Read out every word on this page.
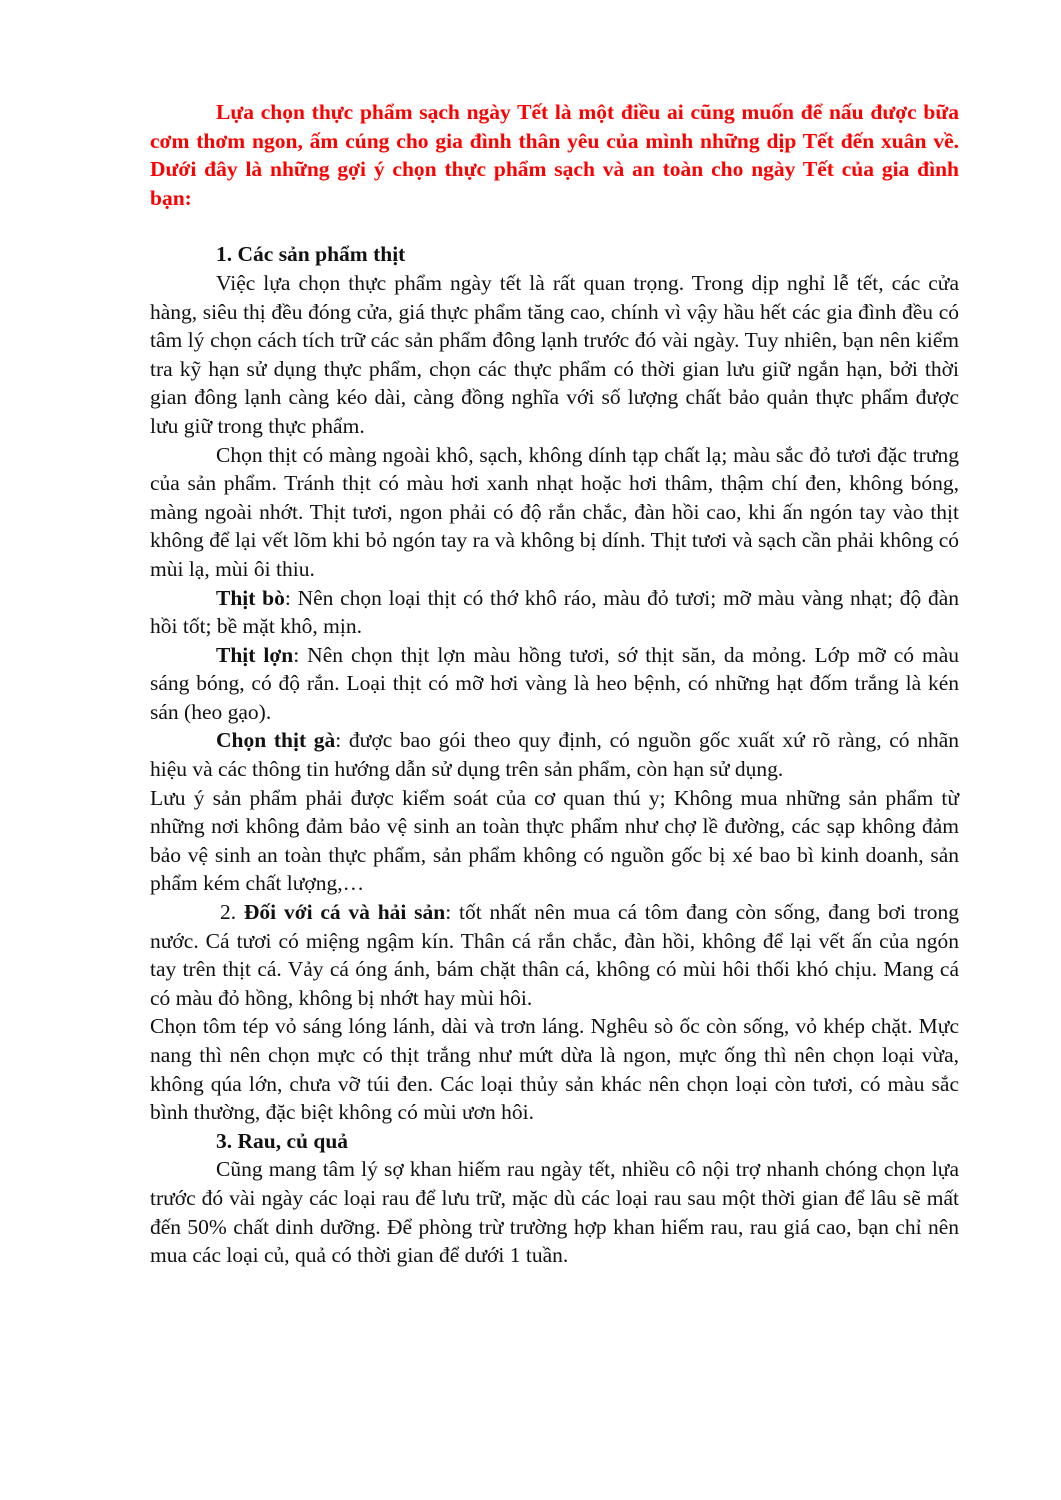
Lựa chọn thực phẩm sạch ngày Tết là một điều ai cũng muốn để nấu được bữa cơm thơm ngon, ấm cúng cho gia đình thân yêu của mình những dịp Tết đến xuân về. Dưới đây là những gợi ý chọn thực phẩm sạch và an toàn cho ngày Tết của gia đình bạn:

1. Các sản phẩm thịt

Việc lựa chọn thực phẩm ngày tết là rất quan trọng. Trong dịp nghỉ lễ tết, các cửa hàng, siêu thị đều đóng cửa, giá thực phẩm tăng cao, chính vì vậy hầu hết các gia đình đều có tâm lý chọn cách tích trữ các sản phẩm đông lạnh trước đó vài ngày. Tuy nhiên, bạn nên kiểm tra kỹ hạn sử dụng thực phẩm, chọn các thực phẩm có thời gian lưu giữ ngắn hạn, bởi thời gian đông lạnh càng kéo dài, càng đồng nghĩa với số lượng chất bảo quản thực phẩm được lưu giữ trong thực phẩm.

Chọn thịt có màng ngoài khô, sạch, không dính tạp chất lạ; màu sắc đỏ tươi đặc trưng của sản phẩm. Tránh thịt có màu hơi xanh nhạt hoặc hơi thâm, thậm chí đen, không bóng, màng ngoài nhớt. Thịt tươi, ngon phải có độ rắn chắc, đàn hồi cao, khi ấn ngón tay vào thịt không để lại vết lõm khi bỏ ngón tay ra và không bị dính. Thịt tươi và sạch cần phải không có mùi lạ, mùi ôi thiu.

Thịt bò: Nên chọn loại thịt có thớ khô ráo, màu đỏ tươi; mỡ màu vàng nhạt; độ đàn hồi tốt; bề mặt khô, mịn.

Thịt lợn: Nên chọn thịt lợn màu hồng tươi, sớ thịt săn, da mỏng. Lớp mỡ có màu sáng bóng, có độ rắn. Loại thịt có mỡ hơi vàng là heo bệnh, có những hạt đốm trắng là kén sán (heo gạo).

Chọn thịt gà: được bao gói theo quy định, có nguồn gốc xuất xứ rõ ràng, có nhãn hiệu và các thông tin hướng dẫn sử dụng trên sản phẩm, còn hạn sử dụng.

Lưu ý sản phẩm phải được kiểm soát của cơ quan thú y; Không mua những sản phẩm từ những nơi không đảm bảo vệ sinh an toàn thực phẩm như chợ lề đường, các sạp không đảm bảo vệ sinh an toàn thực phẩm, sản phẩm không có nguồn gốc bị xé bao bì kinh doanh, sản phẩm kém chất lượng,…

2. Đối với cá và hải sản: tốt nhất nên mua cá tôm đang còn sống, đang bơi trong nước. Cá tươi có miệng ngậm kín. Thân cá rắn chắc, đàn hồi, không để lại vết ấn của ngón tay trên thịt cá. Vảy cá óng ánh, bám chặt thân cá, không có mùi hôi thối khó chịu. Mang cá có màu đỏ hồng, không bị nhớt hay mùi hôi.

Chọn tôm tép vỏ sáng lóng lánh, dài và trơn láng. Nghêu sò ốc còn sống, vỏ khép chặt. Mực nang thì nên chọn mực có thịt trắng như mứt dừa là ngon, mực ống thì nên chọn loại vừa, không qúa lớn, chưa vỡ túi đen. Các loại thủy sản khác nên chọn loại còn tươi, có màu sắc bình thường, đặc biệt không có mùi ươn hôi.

3. Rau, củ quả

Cũng mang tâm lý sợ khan hiếm rau ngày tết, nhiều cô nội trợ nhanh chóng chọn lựa trước đó vài ngày các loại rau để lưu trữ, mặc dù các loại rau sau một thời gian để lâu sẽ mất đến 50% chất dinh dưỡng. Để phòng trừ trường hợp khan hiếm rau, rau giá cao, bạn chỉ nên mua các loại củ, quả có thời gian để dưới 1 tuần.
